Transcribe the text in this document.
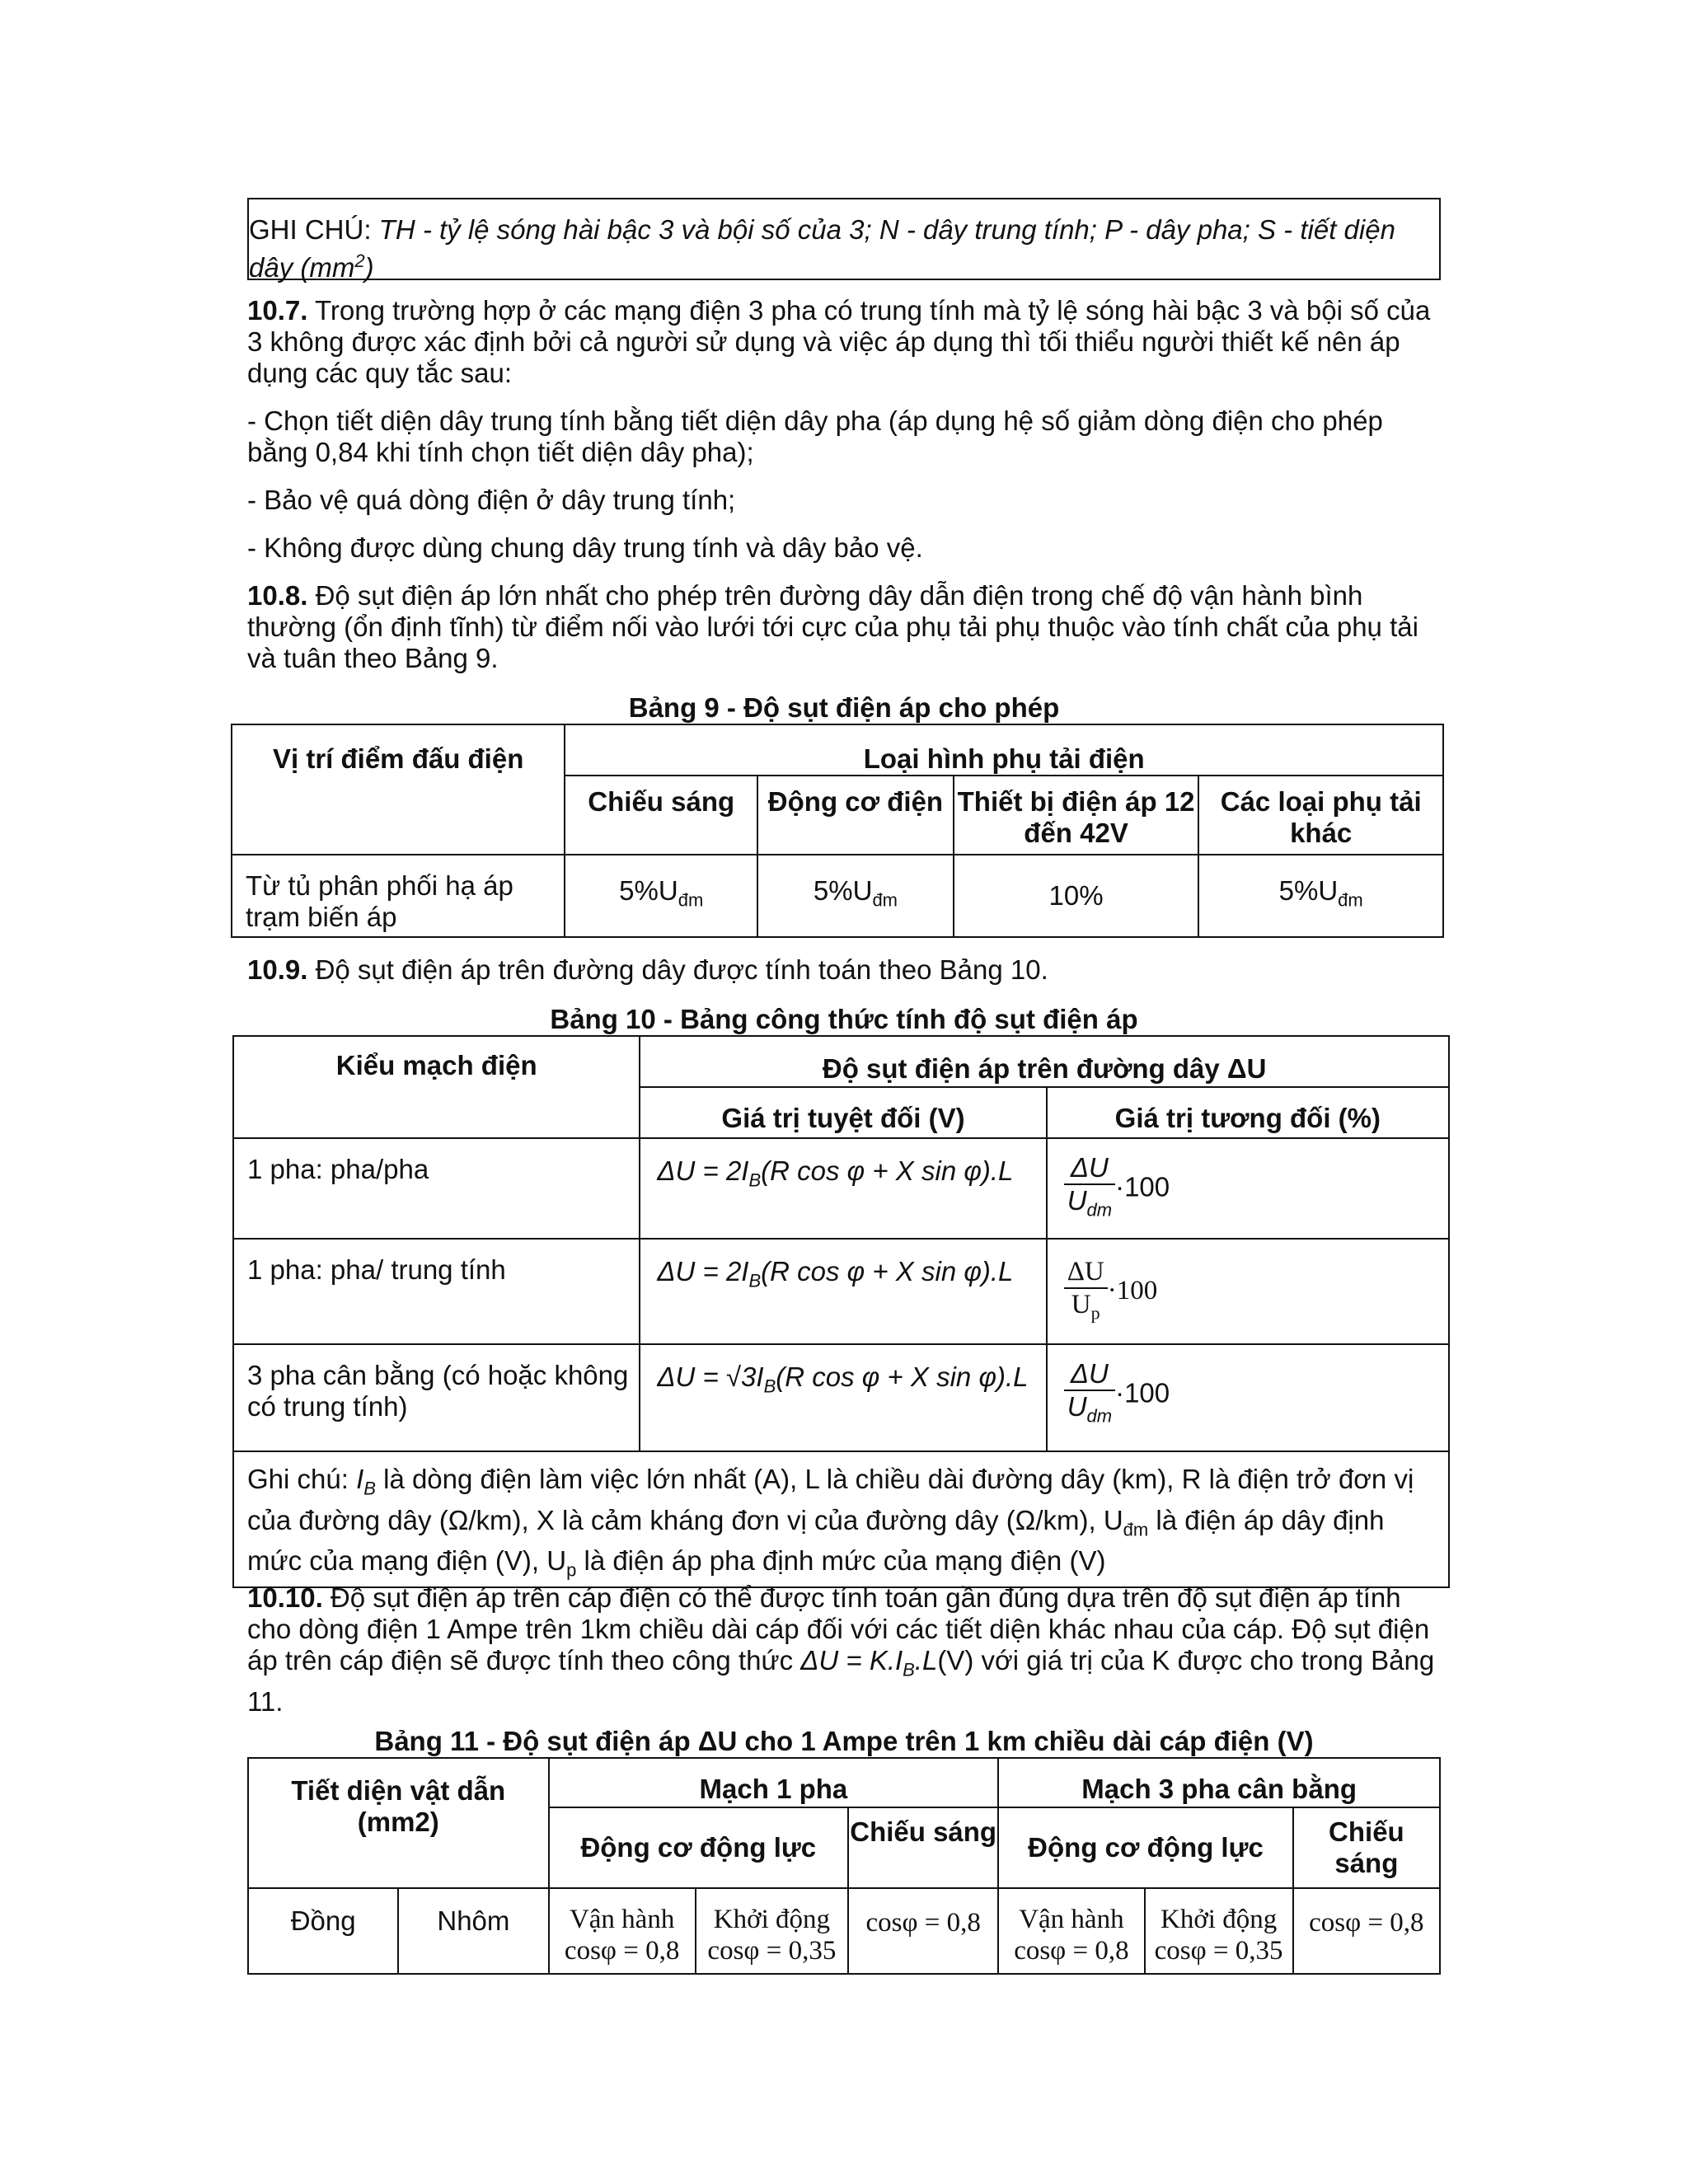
GHI CHÚ: TH - tỷ lệ sóng hài bậc 3 và bội số của 3; N - dây trung tính; P - dây pha; S - tiết diện dây $(mm^2)$
10.7. Trong trường hợp ở các mạng điện 3 pha có trung tính mà tỷ lệ sóng hài bậc 3 và bội số của 3 không được xác định bởi cả người sử dụng và việc áp dụng thì tối thiểu người thiết kế nên áp dụng các quy tắc sau:
- Chọn tiết diện dây trung tính bằng tiết diện dây pha (áp dụng hệ số giảm dòng điện cho phép bằng 0,84 khi tính chọn tiết diện dây pha);
- Bảo vệ quá dòng điện ở dây trung tính;
- Không được dùng chung dây trung tính và dây bảo vệ.
10.8. Độ sụt điện áp lớn nhất cho phép trên đường dây dẫn điện trong chế độ vận hành bình thường (ổn định tĩnh) từ điểm nối vào lưới tới cực của phụ tải phụ thuộc vào tính chất của phụ tải và tuân theo Bảng 9.
Bảng 9 - Độ sụt điện áp cho phép
Vị trí điểm đấu điện	Loại hình phụ tải điện			
	Chiếu sáng	Động cơ điện	Thiết bị điện áp 12 đến 42V	Các loại phụ tải khác
Từ tủ phân phối hạ áp trạm biến áp	$5\%U_{đm}$	$5\%U_{đm}$	10%	$5\%U_{đm}$
10.9. Độ sụt điện áp trên đường dây được tính toán theo Bảng 10.
Bảng 10 - Bảng công thức tính độ sụt điện áp
Kiểu mạch điện	Độ sụt điện áp trên đường dây ΔU	
	Giá trị tuyệt đối (V)	Giá trị tương đối (%)
1 pha: pha/pha	$\Delta U = 2I_B(R$ cos φ + X sin φ).L	$\frac{\Delta U}{U_{dm}} \cdot 100$
1 pha: pha/ trung tính	$\Delta U = 2I_B(R$ cos φ + X sin φ).L	$\frac{\Delta U}{U_p} \cdot 100$
3 pha cân bằng (có hoặc không có trung tính)	$\Delta U = √3I_B(R$ cos φ + X sin φ).L	$\frac{\Delta U}{U_{dm}} \cdot 100$
Ghi chú: $I_B$ là dòng điện làm việc lớn nhất (A), L là chiều dài đường dây (km), R là điện trở đơn vị của đường dây (Ω/km), X là cảm kháng đơn vị của đường dây (Ω/km), $U_{đm}$ là điện áp dây định mức của mạng điện (V), $U_p$ là điện áp pha định mức của mạng điện (V)		
10.10. Độ sụt điện áp trên cáp điện có thể được tính toán gần đúng dựa trên độ sụt điện áp tính cho dòng điện 1 Ampe trên 1km chiều dài cáp đối với các tiết diện khác nhau của cáp. Độ sụt điện áp trên cáp điện sẽ được tính theo công thức $\Delta U = K.I_B.L(V)$ với giá trị của K được cho trong Bảng 11.
Bảng 11 - Độ sụt điện áp ΔU cho 1 Ampe trên 1 km chiều dài cáp điện (V)
Tiết diện vật dẫn (mm2)		Mạch 1 pha			Mạch 3 pha cân bằng		
		Động cơ động lực		Chiếu sáng	Động cơ động lực		Chiếu sáng
Đồng	Nhôm	Vận hành cosφ = 0,8	Khởi động cosφ = 0,35	cosφ = 0,8	Vận hành cosφ = 0,8	Khởi động cosφ = 0,35	cosφ = 0,8
